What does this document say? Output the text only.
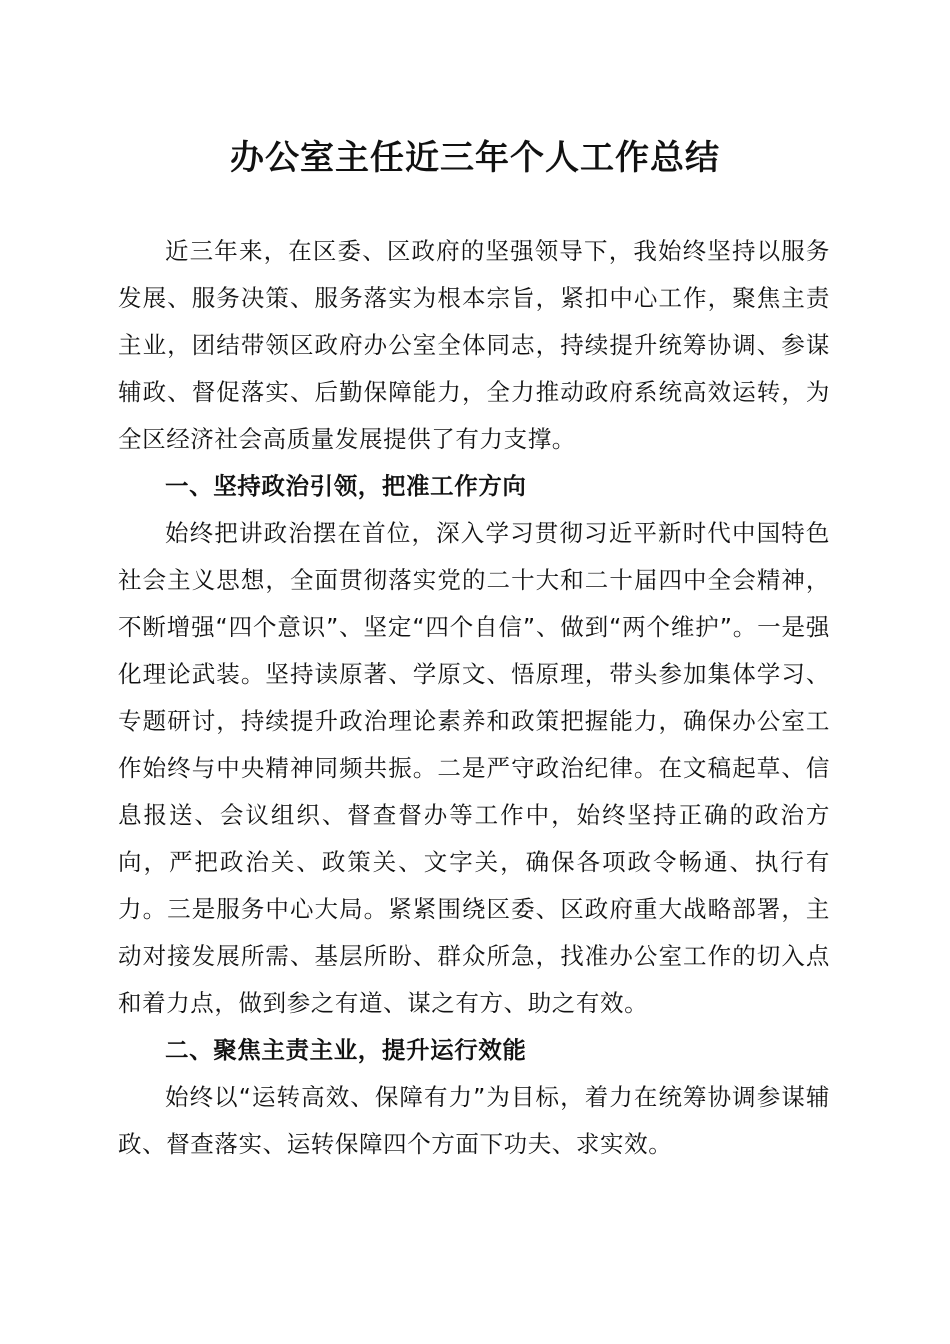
办公室主任近三年个人工作总结

近三年来，在区委、区政府的坚强领导下，我始终坚持以服务发展、服务决策、服务落实为根本宗旨，紧扣中心工作，聚焦主责主业，团结带领区政府办公室全体同志，持续提升统筹协调、参谋辅政、督促落实、后勤保障能力，全力推动政府系统高效运转，为全区经济社会高质量发展提供了有力支撑。

一、坚持政治引领，把准工作方向

始终把讲政治摆在首位，深入学习贯彻习近平新时代中国特色社会主义思想，全面贯彻落实党的二十大和二十届四中全会精神，不断增强“四个意识”、坚定“四个自信”、做到“两个维护”。一是强化理论武装。坚持读原著、学原文、悟原理，带头参加集体学习、专题研讨，持续提升政治理论素养和政策把握能力，确保办公室工作始终与中央精神同频共振。二是严守政治纪律。在文稿起草、信息报送、会议组织、督查督办等工作中，始终坚持正确的政治方向，严把政治关、政策关、文字关，确保各项政令畅通、执行有力。三是服务中心大局。紧紧围绕区委、区政府重大战略部署，主动对接发展所需、基层所盼、群众所急，找准办公室工作的切入点和着力点，做到参之有道、谋之有方、助之有效。

二、聚焦主责主业，提升运行效能

始终以“运转高效、保障有力”为目标，着力在统筹协调参谋辅政、督查落实、运转保障四个方面下功夫、求实效。
